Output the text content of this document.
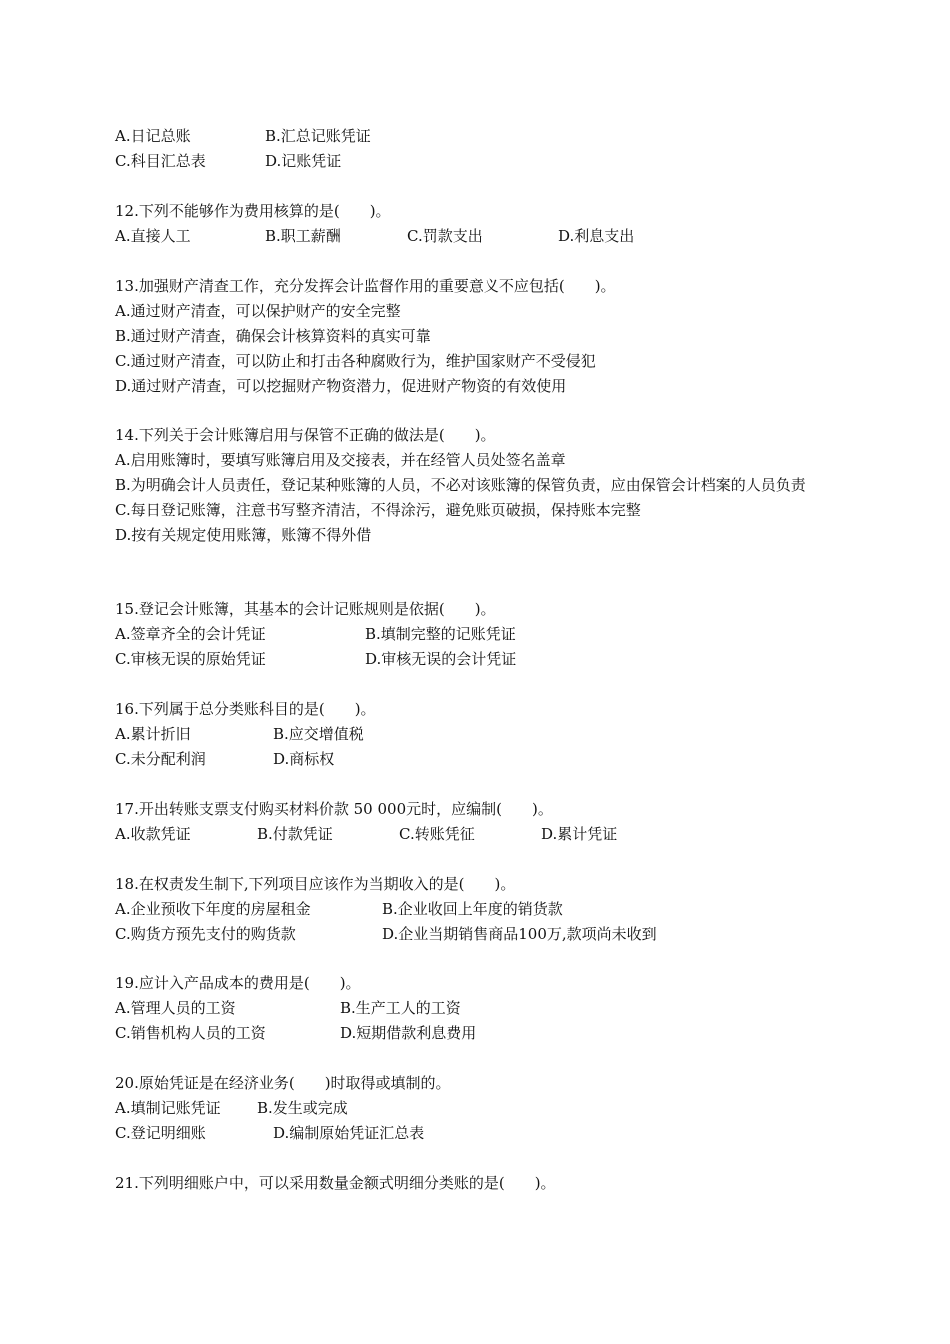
A.日记总账	B.汇总记账凭证
C.科目汇总表	D.记账凭证
12.下列不能够作为费用核算的是(　　)。
A.直接人工	B.职工薪酬	C.罚款支出	D.利息支出
13.加强财产清查工作，充分发挥会计监督作用的重要意义不应包括(　　)。
A.通过财产清查，可以保护财产的安全完整
B.通过财产清查，确保会计核算资料的真实可靠
C.通过财产清查，可以防止和打击各种腐败行为，维护国家财产不受侵犯
D.通过财产清查，可以挖掘财产物资潜力，促进财产物资的有效使用
14.下列关于会计账簿启用与保管不正确的做法是(　　)。
A.启用账簿时，要填写账簿启用及交接表，并在经管人员处签名盖章
B.为明确会计人员责任，登记某种账簿的人员，不必对该账簿的保管负责，应由保管会计档案的人员负责
C.每日登记账簿，注意书写整齐清洁，不得涂污，避免账页破损，保持账本完整
D.按有关规定使用账簿，账簿不得外借
15.登记会计账簿，其基本的会计记账规则是依据(　　)。
A.签章齐全的会计凭证	B.填制完整的记账凭证
C.审核无误的原始凭证	D.审核无误的会计凭证
16.下列属于总分类账科目的是(　　)。
A.累计折旧	B.应交增值税
C.未分配利润	D.商标权
17.开出转账支票支付购买材料价款 50 000元时，应编制(　　)。
A.收款凭证	B.付款凭证	C.转账凭征	D.累计凭证
18.在权责发生制下,下列项目应该作为当期收入的是(　　)。
A.企业预收下年度的房屋租金	B.企业收回上年度的销货款
C.购货方预先支付的购货款	D.企业当期销售商品100万,款项尚未收到
19.应计入产品成本的费用是(　　)。
A.管理人员的工资	B.生产工人的工资
C.销售机构人员的工资	D.短期借款利息费用
20.原始凭证是在经济业务(　　)时取得或填制的。
A.填制记账凭证 B.发生或完成
C.登记明细账	D.编制原始凭证汇总表
21.下列明细账户中，可以采用数量金额式明细分类账的是(　　)。
